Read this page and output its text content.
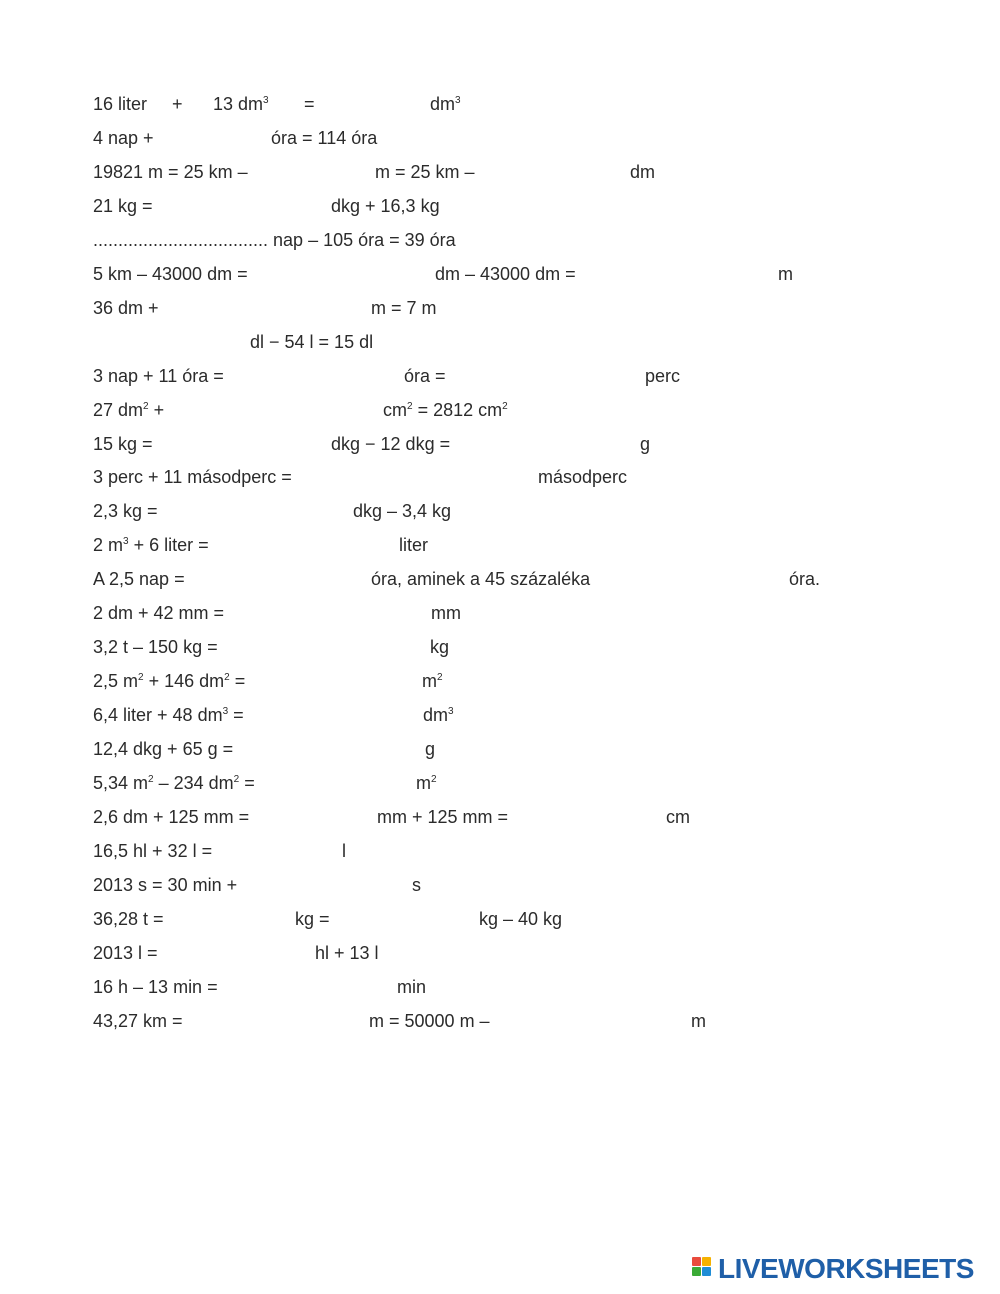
16 liter + 13 $dm^3$ =	$dm^3$
4 nap +	óra = 114 óra
19821 m = 25 km –	m = 25 km –	dm
21 kg =	dkg + 16,3 kg
................................... nap – 105 óra = 39 óra
5 km – 43000 dm =	dm – 43000 dm =	m
36 dm +	m = 7 m
dl − 54 l = 15 dl
3 nap + 11 óra =	óra =	perc
27 $dm^2$ +	$cm^2 = 2812$ $cm^2$
15 kg =	dkg − 12 dkg =	g
3 perc + 11 másodperc =	másodperc
2,3 kg =	dkg – 3,4 kg
2 $m^3 + 6$ liter =	liter
A 2,5 nap =	óra, aminek a 45 százaléka	óra.
2 dm + 42 mm =	mm
3,2 t – 150 kg =	kg
2,5 $m^2 + 146$ $dm^2$ =	$m^2$
6,4 liter + 48 $dm^3$ =	$dm^3$
12,4 dkg + 65 g =	g
5,34 $m^2 - 234$ $dm^2$ =	$m^2$
2,6 dm + 125 mm =	mm + 125 mm =	cm
16,5 hl + 32 l =	l
2013 s = 30 min +	s
36,28 t =	kg =	kg – 40 kg
2013 l =	hl + 13 l
16 h – 13 min =	min
43,27 km =	m = 50000 m –	m
LIVEWORKSHEETS
